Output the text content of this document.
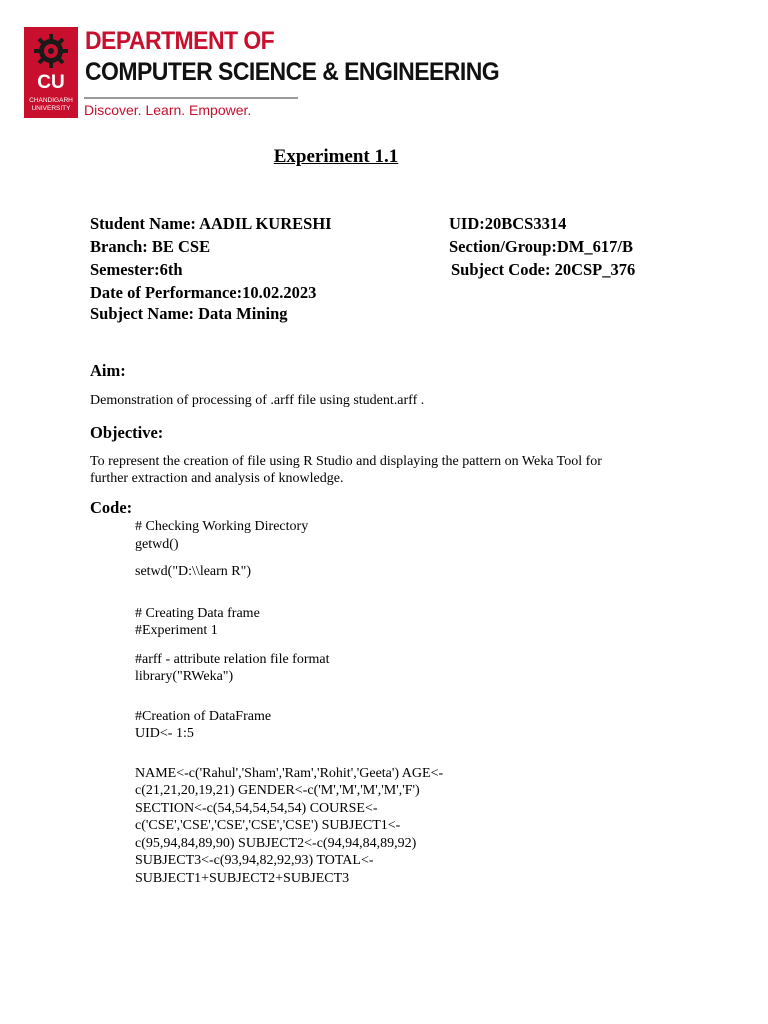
CU
CHANDIGARH
UNIVERSITY
DEPARTMENT OF
COMPUTER SCIENCE & ENGINEERING
Discover. Learn. Empower.
Experiment 1.1
Student Name: AADIL KURESHI	UID:20BCS3314
Branch: BE CSE	Section/Group:DM_617/B
Semester:6th	Subject Code: 20CSP_376
Date of Performance:10.02.2023
Subject Name: Data Mining
Aim:
Demonstration of processing of .arff file using student.arff .
Objective:
To represent the creation of file using R Studio and displaying the pattern on Weka Tool for
further extraction and analysis of knowledge.
Code:
# Checking Working Directory
getwd()
setwd("D:\\learn R")
# Creating Data frame
#Experiment 1
#arff - attribute relation file format
library("RWeka")
#Creation of DataFrame
UID<- 1:5
NAME<-c('Rahul','Sham','Ram','Rohit','Geeta') AGE<-
c(21,21,20,19,21) GENDER<-c('M','M','M','M','F')
SECTION<-c(54,54,54,54,54) COURSE<-
c('CSE','CSE','CSE','CSE','CSE') SUBJECT1<-
c(95,94,84,89,90) SUBJECT2<-c(94,94,84,89,92)
SUBJECT3<-c(93,94,82,92,93) TOTAL<-
SUBJECT1+SUBJECT2+SUBJECT3
